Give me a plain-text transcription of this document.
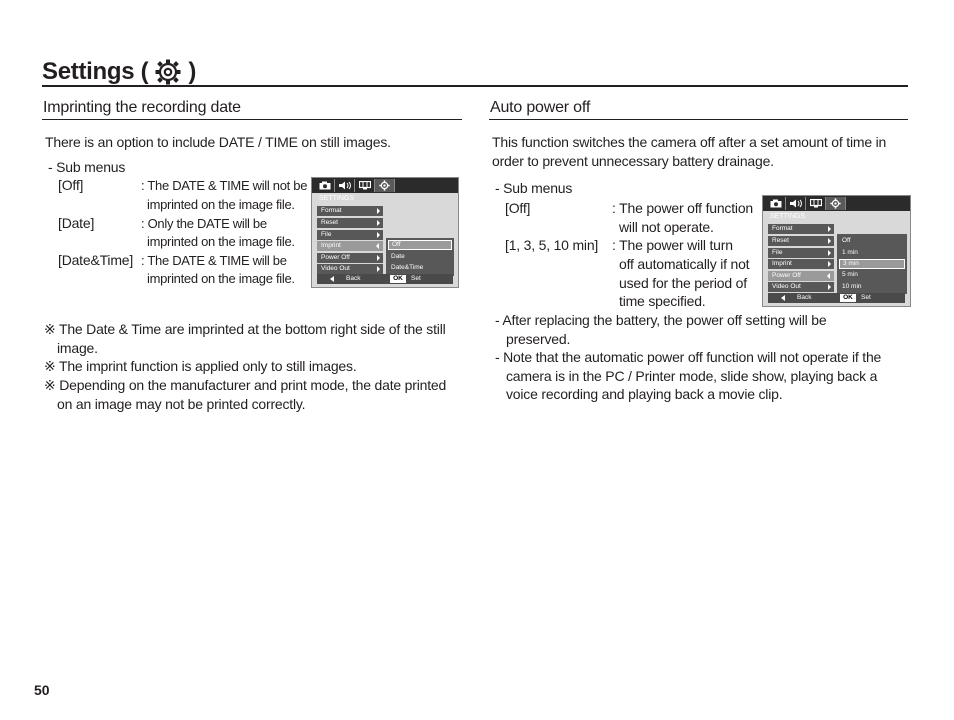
Settings ( )
Imprinting the recording date
There is an option to include DATE / TIME on still images.
- Sub menus
[Off]	: The DATE & TIME will not be
imprinted on the image file.
[Date]	: Only the DATE will be
imprinted on the image file.
[Date&Time] : The DATE & TIME will be
imprinted on the image file.
※ The Date & Time are imprinted at the bottom right side of the still
image.
※ The imprint function is applied only to still images.
※ Depending on the manufacturer and print mode, the date printed
on an image may not be printed correctly.
SETTINGS
Format
Reset
File
Imprint
Power Off
Video Out
Off
Date
Date&Time
Back	OK	Set
Auto power off
This function switches the camera off after a set amount of time in
order to prevent unnecessary battery drainage.
- Sub menus
[Off]	: The power off function
will not operate.
[1, 3, 5, 10 min] : The power will turn
off automatically if not
used for the period of
time specified.
- After replacing the battery, the power off setting will be
preserved.
- Note that the automatic power off function will not operate if the
camera is in the PC / Printer mode, slide show, playing back a
voice recording and playing back a movie clip.
SETTINGS
Format
Reset
File
Imprint
Power Off
Video Out
Off
1 min
3 min
5 min
10 min
Back	OK	Set
50
